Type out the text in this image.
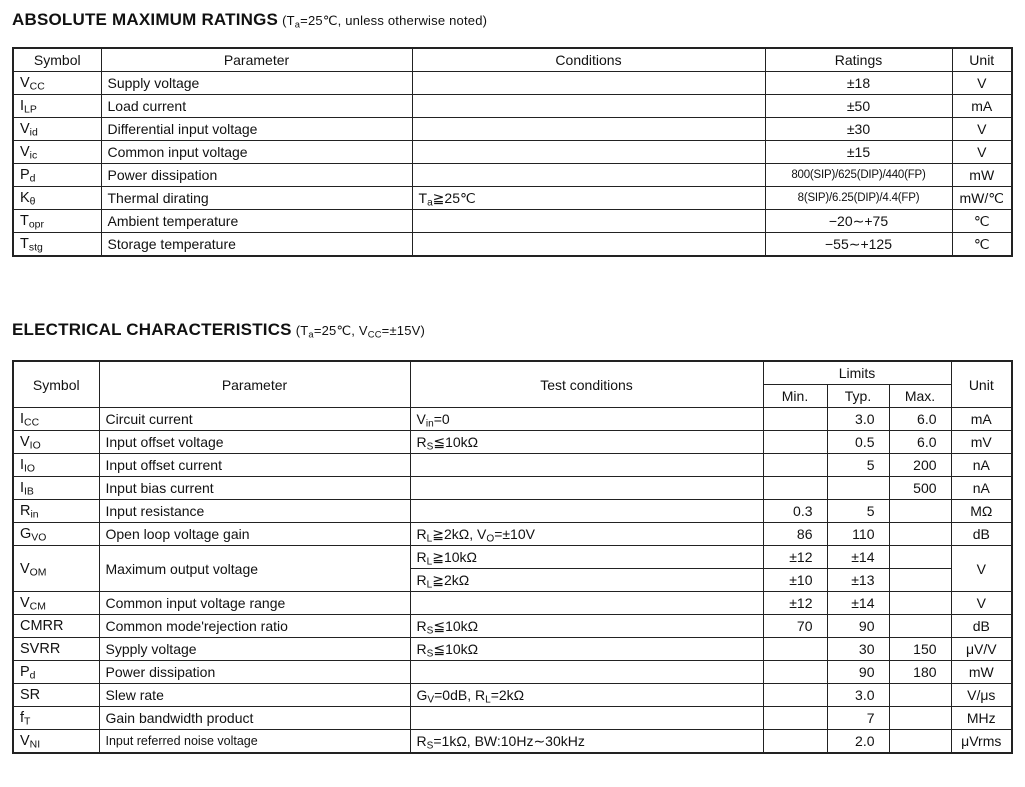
ABSOLUTE MAXIMUM RATINGS ($T_a=25℃$, unless otherwise noted)
Symbol	Parameter	Conditions	Ratings	Unit
$V_{CC}$	Supply voltage		±18	V
$I_{LP}$	Load current		±50	mA
$V_{id}$	Differential input voltage		±30	V
$V_{ic}$	Common input voltage		±15	V
$P_d$	Power dissipation		800(SIP)/625(DIP)/440(FP)	mW
$K_\theta$	Thermal dirating	$T_a≧25℃$	8(SIP)/6.25(DIP)/4.4(FP)	mW/℃
$T_{opr}$	Ambient temperature		−20∼+75	℃
$T_{stg}$	Storage temperature		−55∼+125	℃
ELECTRICAL CHARACTERISTICS ($T_a=25℃$, $V_{CC}=\pm 15V$)
Symbol	Parameter	Test conditions	Limits			Unit
			Min.	Typ.	Max.	
$I_{CC}$	Circuit current	$V_{in}=0$		3.0	6.0	mA
$V_{IO}$	Input offset voltage	$R_S≦10k\Omega$		0.5	6.0	mV
$I_{IO}$	Input offset current			5	200	nA
$I_{IB}$	Input bias current				500	nA
$R_{in}$	Input resistance		0.3	5		MΩ
$G_{VO}$	Open loop voltage gain	$R_L≧2k\Omega$, $V_O=\pm 10V$	86	110		dB
$V_{OM}$	Maximum output voltage	$R_L≧10k\Omega$	±12	±14		V
		$R_L≧2k\Omega$	±10	±13		
$V_{CM}$	Common input voltage range		±12	±14		V
CMRR	Common mode'rejection ratio	$R_S≦10k\Omega$	70	90		dB
SVRR	Sypply voltage	$R_S≦10k\Omega$		30	150	μV/V
$P_d$	Power dissipation			90	180	mW
SR	Slew rate	$G_V=0dB$, $R_L=2k\Omega$		3.0		V/μs
$f_T$	Gain bandwidth product			7		MHz
$V_{NI}$	Input referred noise voltage	$R_S=1k\Omega$, BW:10Hz∼30kHz		2.0		μVrms
